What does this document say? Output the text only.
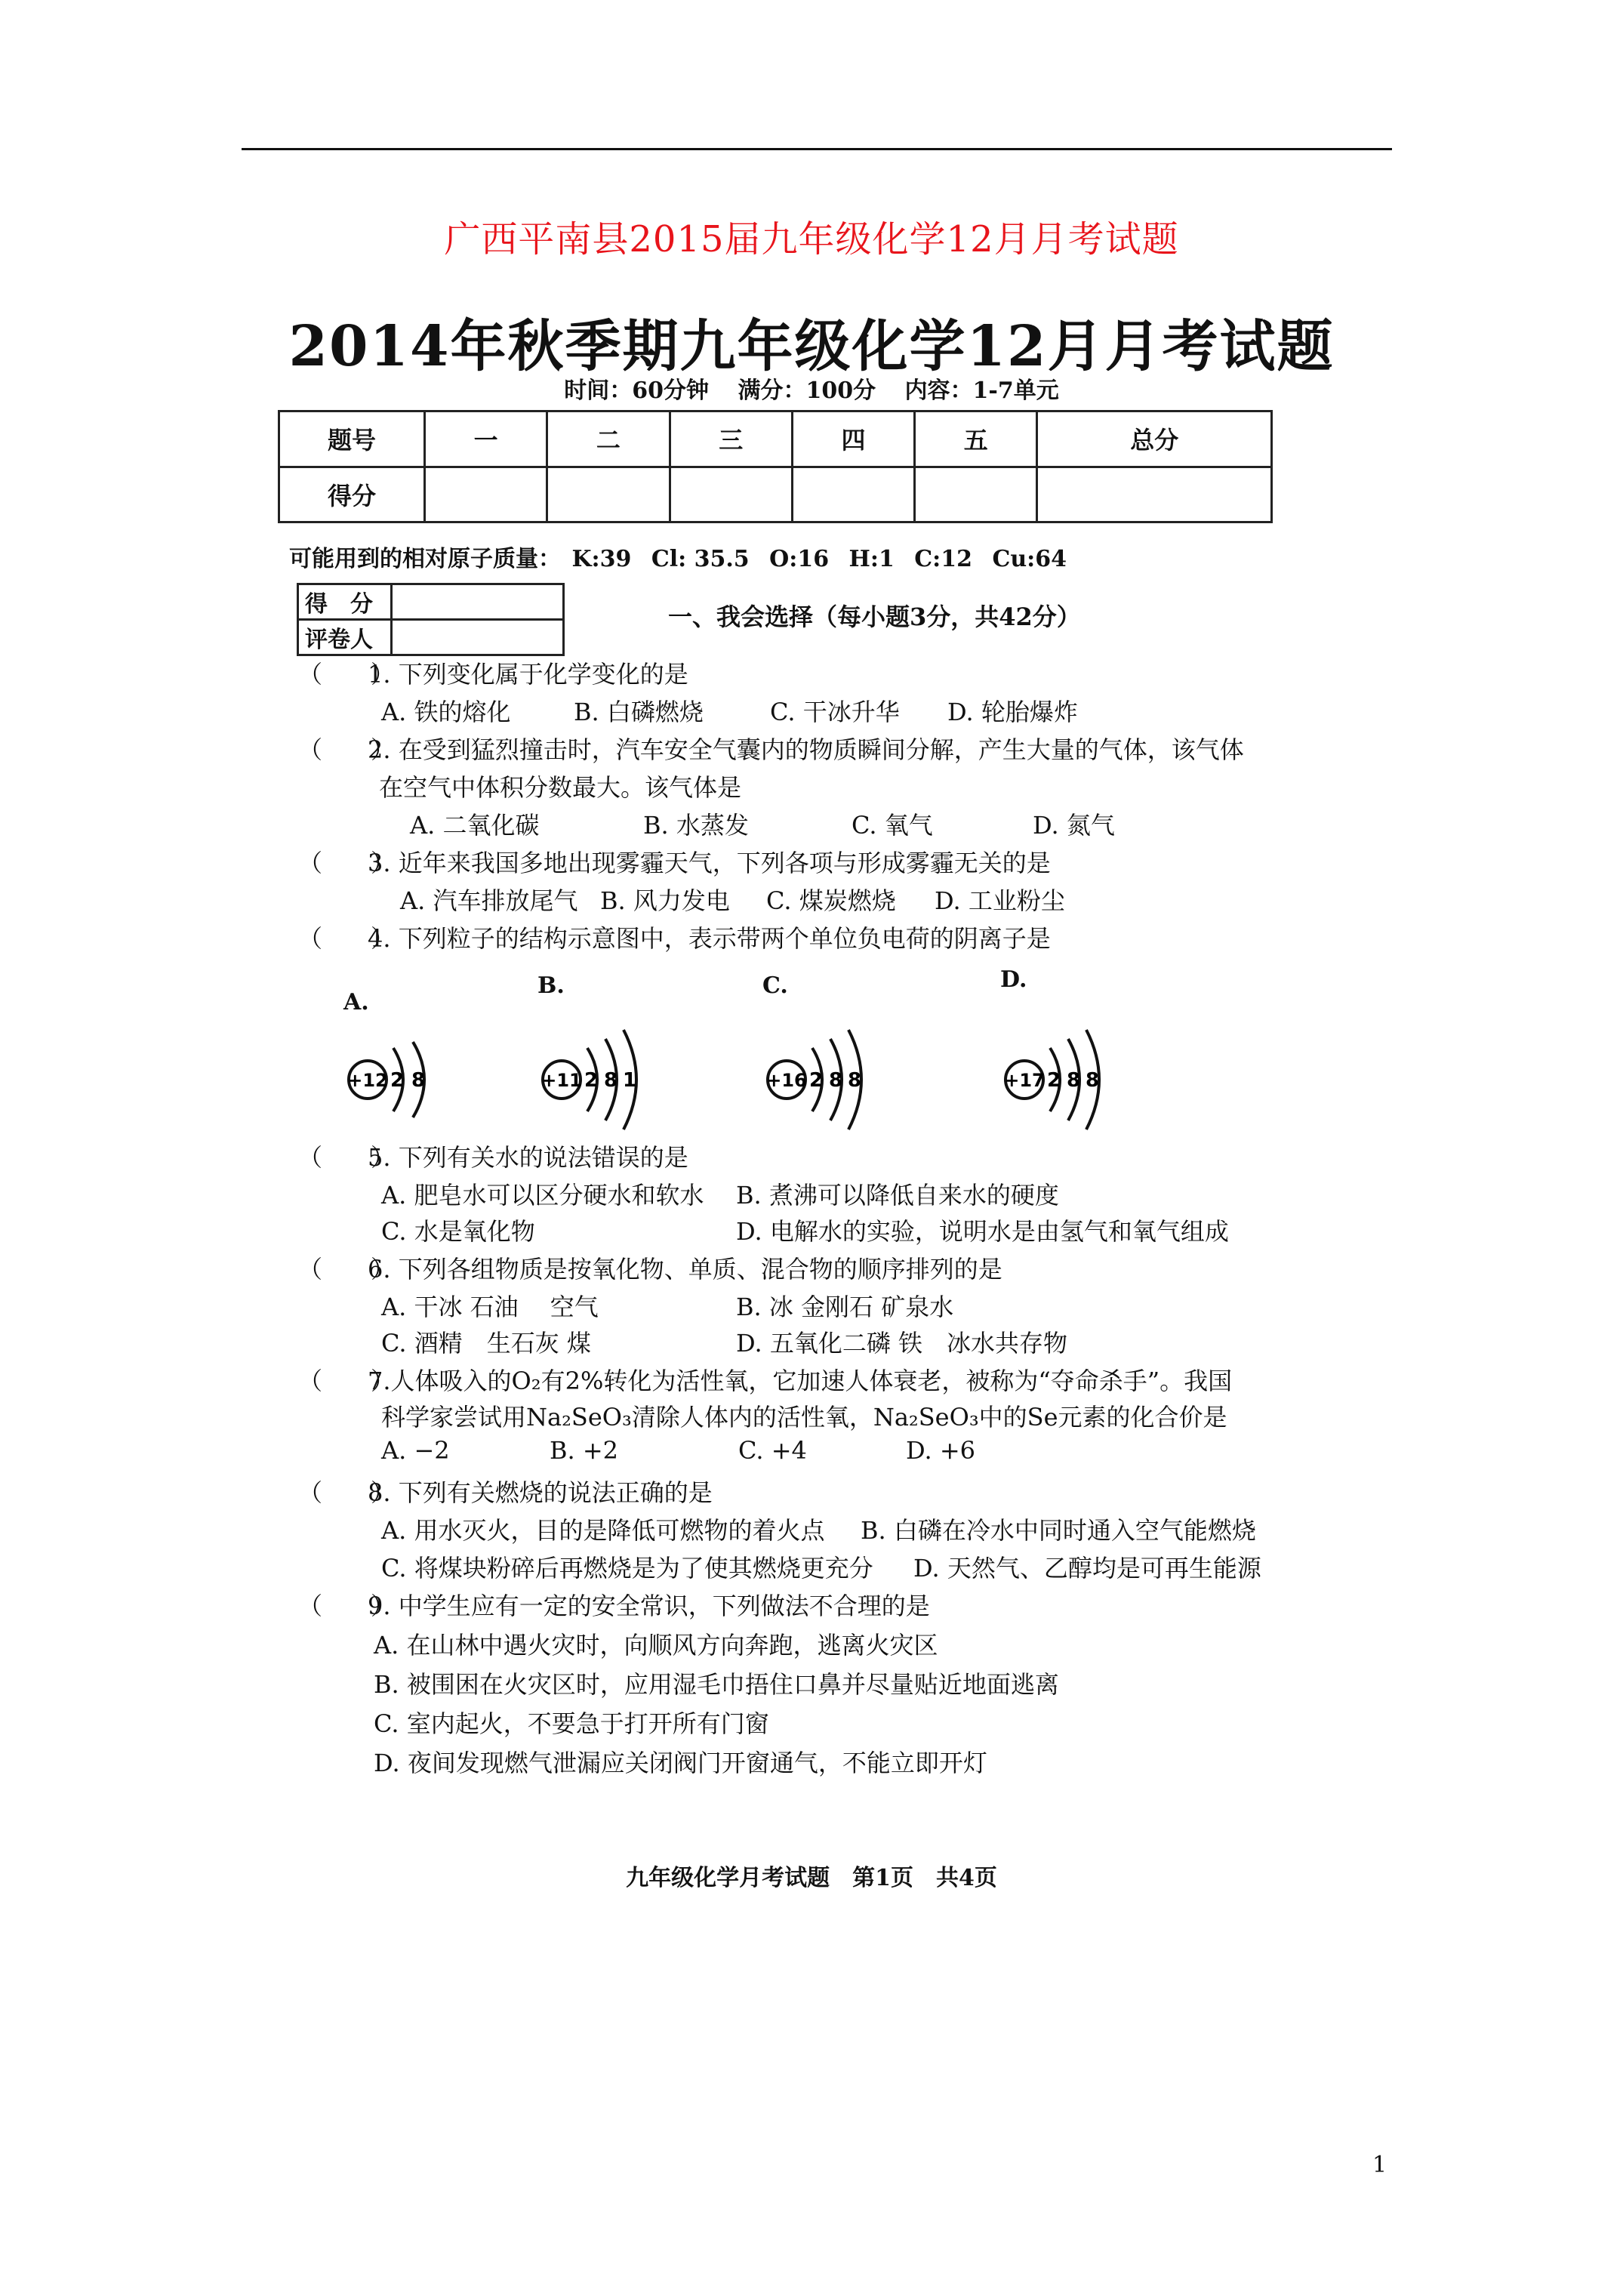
广西平南县2015届九年级化学12月月考试题
2014年秋季期九年级化学12月月考试题
时间：60分钟 满分：100分 内容：1-7单元
题号	一	二	三	四	五	总分
得分						
可能用到的相对原子质量： K:39 Cl: 35.5 O:16 H:1 C:12 Cu:64
得　分	
评卷人	
一、我会选择（每小题3分，共42分）
（　　）1. 下列变化属于化学变化的是
A. 铁的熔化	B. 白磷燃烧	C. 干冰升华 D. 轮胎爆炸
（　　）2. 在受到猛烈撞击时，汽车安全气囊内的物质瞬间分解，产生大量的气体，该气体
在空气中体积分数最大。该气体是
A. 二氧化碳	B. 水蒸发	C. 氧气	D. 氮气
（　　）3. 近年来我国多地出现雾霾天气，下列各项与形成雾霾无关的是
A. 汽车排放尾气 B. 风力发电 C. 煤炭燃烧 D. 工业粉尘
（　　）4. 下列粒子的结构示意图中，表示带两个单位负电荷的阴离子是
A.
+12 2 8
B.
+11 2 8 1
C.
+16 2 8 8
D.
+17 2 8 8
（　　）5. 下列有关水的说法错误的是
A. 肥皂水可以区分硬水和软水 B. 煮沸可以降低自来水的硬度
C. 水是氧化物	D. 电解水的实验，说明水是由氢气和氧气组成
（　　）6. 下列各组物质是按氧化物、单质、混合物的顺序排列的是
A. 干冰 石油　 空气	B. 冰 金刚石 矿泉水
C. 酒精　生石灰 煤	D. 五氧化二磷 铁　冰水共存物
（　　）7.人体吸入的O₂有2%转化为活性氧，它加速人体衰老，被称为“夺命杀手”。我国
科学家尝试用Na₂SeO₃清除人体内的活性氧，Na₂SeO₃中的Se元素的化合价是
A. −2	B. +2	C. +4	D. +6
（　　）8. 下列有关燃烧的说法正确的是
A. 用水灭火，目的是降低可燃物的着火点 B. 白磷在冷水中同时通入空气能燃烧
C. 将煤块粉碎后再燃烧是为了使其燃烧更充分 D. 天然气、乙醇均是可再生能源
（　　）9. 中学生应有一定的安全常识，下列做法不合理的是
A. 在山林中遇火灾时，向顺风方向奔跑，逃离火灾区
B. 被围困在火灾区时，应用湿毛巾捂住口鼻并尽量贴近地面逃离
C. 室内起火，不要急于打开所有门窗
D. 夜间发现燃气泄漏应关闭阀门开窗通气，不能立即开灯
九年级化学月考试题　第1页　共4页
1
